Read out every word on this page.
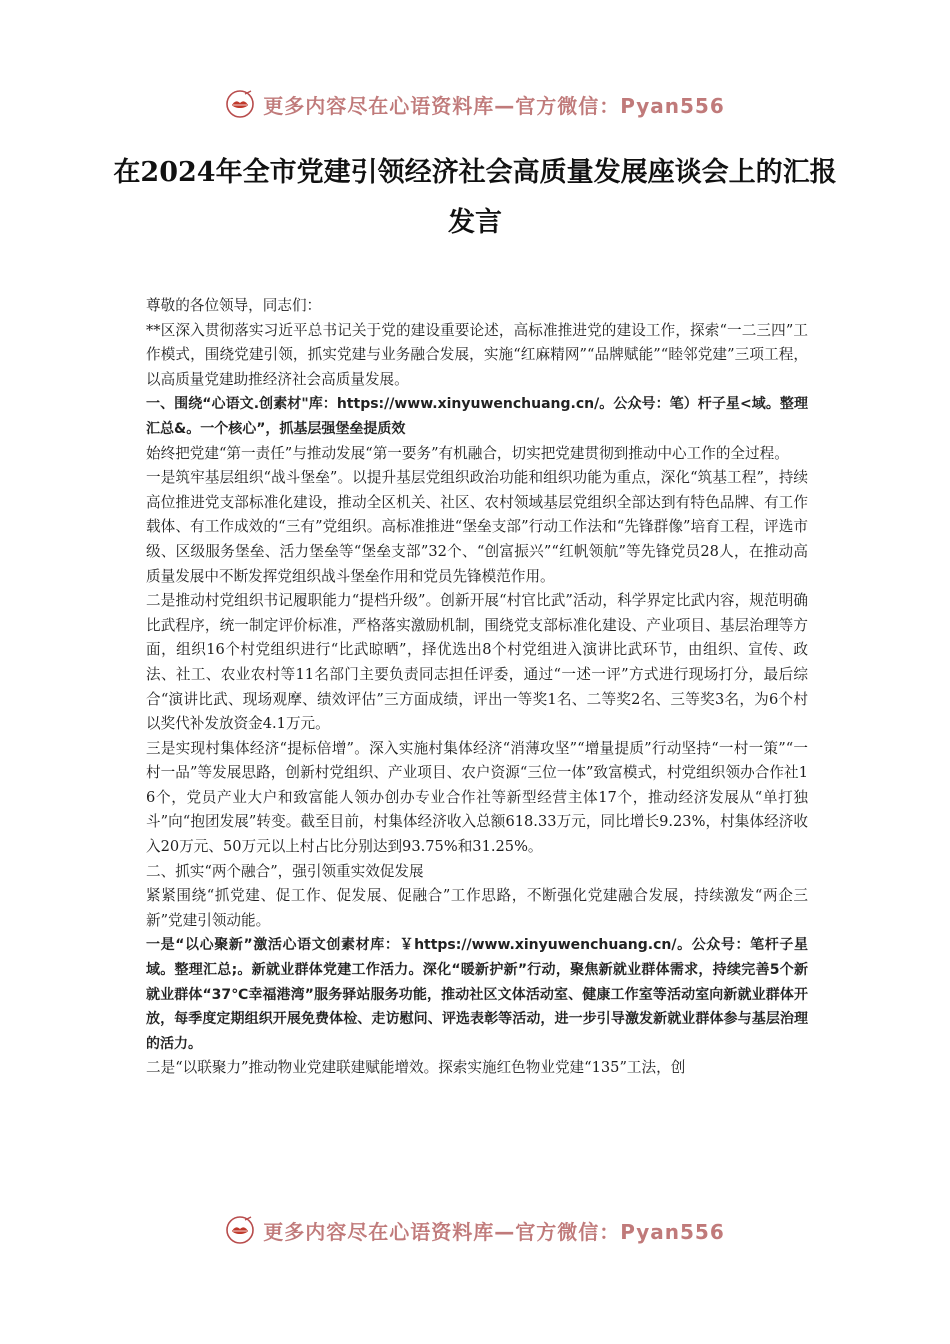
更多内容尽在心语资料库—官方微信：Pyan556
在2024年全市党建引领经济社会高质量发展座谈会上的汇报发言

尊敬的各位领导，同志们：

**区深入贯彻落实习近平总书记关于党的建设重要论述，高标准推进党的建设工作，探索“一二三四”工作模式，围绕党建引领，抓实党建与业务融合发展，实施“红麻精网”“品牌赋能”“睦邻党建”三项工程，以高质量党建助推经济社会高质量发展。

一、围绕“心语文.创素材"库：https://www.xinyuwenchuang.cn/。公众号：笔）杆子星<域。整理汇总&。一个核心”，抓基层强堡垒提质效

始终把党建“第一责任”与推动发展“第一要务”有机融合，切实把党建贯彻到推动中心工作的全过程。

一是筑牢基层组织“战斗堡垒”。以提升基层党组织政治功能和组织功能为重点，深化“筑基工程”，持续高位推进党支部标准化建设，推动全区机关、社区、农村领域基层党组织全部达到有特色品牌、有工作载体、有工作成效的“三有”党组织。高标准推进“堡垒支部”行动工作法和“先锋群像”培育工程，评选市级、区级服务堡垒、活力堡垒等“堡垒支部”32个、“创富振兴”“红帆领航”等先锋党员28人，在推动高质量发展中不断发挥党组织战斗堡垒作用和党员先锋模范作用。

二是推动村党组织书记履职能力“提档升级”。创新开展“村官比武”活动，科学界定比武内容，规范明确比武程序，统一制定评价标准，严格落实激励机制，围绕党支部标准化建设、产业项目、基层治理等方面，组织16个村党组织进行“比武晾晒”，择优选出8个村党组进入演讲比武环节，由组织、宣传、政法、社工、农业农村等11名部门主要负责同志担任评委，通过“一述一评”方式进行现场打分，最后综合“演讲比武、现场观摩、绩效评估”三方面成绩，评出一等奖1名、二等奖2名、三等奖3名，为6个村以奖代补发放资金4.1万元。

三是实现村集体经济“提标倍增”。深入实施村集体经济“消薄攻坚”“增量提质”行动坚持“一村一策”“一村一品”等发展思路，创新村党组织、产业项目、农户资源“三位一体”致富模式，村党组织领办合作社16个，党员产业大户和致富能人领办创办专业合作社等新型经营主体17个，推动经济发展从“单打独斗”向“抱团发展”转变。截至目前，村集体经济收入总额618.33万元，同比增长9.23%，村集体经济收入20万元、50万元以上村占比分别达到93.75%和31.25%。

二、抓实“两个融合”，强引领重实效促发展

紧紧围绕“抓党建、促工作、促发展、促融合”工作思路，不断强化党建融合发展，持续激发“两企三新”党建引领动能。

一是“以心聚新”激活心语文创素材库：￥https://www.xinyuwenchuang.cn/。公众号：笔杆子星域。整理汇总;。新就业群体党建工作活力。深化“暖新护新”行动，聚焦新就业群体需求，持续完善5个新就业群体“37℃幸福港湾”服务驿站服务功能，推动社区文体活动室、健康工作室等活动室向新就业群体开放，每季度定期组织开展免费体检、走访慰问、评选表彰等活动，进一步引导激发新就业群体参与基层治理的活力。

二是“以联聚力”推动物业党建联建赋能增效。探索实施红色物业党建“135”工法，创

更多内容尽在心语资料库—官方微信：Pyan556
